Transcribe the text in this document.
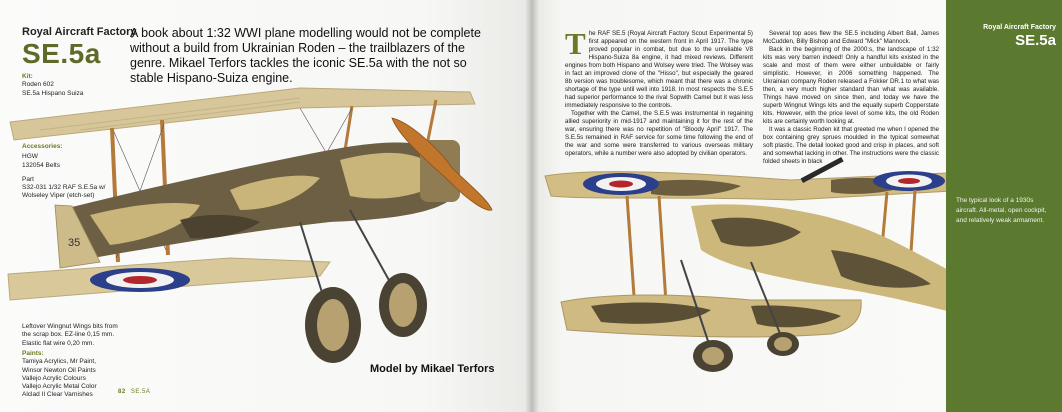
Royal Aircraft Factory
SE.5a
A book about 1:32 WWI plane modelling would not be complete without a build from Ukrainian Roden – the trailblazers of the genre. Mikael Terfors tackles the iconic SE.5a with the not so stable Hispano-Suiza engine.
Kit:
Roden 602
SE.5a Hispano Suiza
Accessories:
HGW
132054 Belts
Part
S32-031 1/32 RAF S.E.5a w/
Wolseley Viper (etch-set)
Leftover Wingnut Wings bits from
the scrap box. EZ-line 0,15 mm.
Elastic flat wire 0,20 mm.
Paints:
Tamiya Acrylics, Mr Paint,
Winsor Newton Oil Paints
Vallejo Acrylic Colours
Vallejo Acrylic Metal Color
Alclad II Clear Varnishes
35
Model by Mikael Terfors
82 SE.5A
T he RAF SE.5 (Royal Aircraft Factory Scout Experimental 5) first appeared on the western front in April 1917. The type proved popular in combat, but due to the unreliable V8 Hispano-Suiza 8a engine, it had mixed reviews. Different engines from both Hispano and Wolsey were tried. The Wolsey was in fact an improved clone of the "Hisso", but especially the geared 8b version was troublesome, which meant that there was a chronic shortage of the type until well into 1918. In most respects the S.E.5 had superior performance to the rival Sopwith Camel but it was less immediately responsive to the controls.

Together with the Camel, the S.E.5 was instrumental in regaining allied superiority in mid-1917 and maintaining it for the rest of the war, ensuring there was no repetition of "Bloody April" 1917. The S.E.5s remained in RAF service for some time following the end of the war and some were transferred to various overseas military operators, while a number were also adopted by civilian operators.

Several top aces flew the SE.5 including Albert Ball, James McCudden, Billy Bishop and Edward "Mick" Mannock.

Back in the beginning of the 2000:s, the landscape of 1:32 kits was very barren indeed! Only a handful kits existed in the scale and most of them were either unbuildable or fairly simplistic. However, in 2006 something happened. The Ukrainian company Roden released a Fokker DR.1 to what was then, a very much higher standard than what was available. Things have moved on since then, and today we have the superb Wingnut Wings kits and the equally superb Copperstate kits. However, with the price level of some kits, the old Roden kits are certainly worth looking at.

It was a classic Roden kit that greeted me when I opened the box containing grey sprues moulded in the typical somewhat soft plastic. The detail looked good and crisp in places, and soft and somewhat lacking in other. The instructions were the classic folded sheets in black

Royal Aircraft Factory
SE.5a
The typical look of a 1930s aircraft. All-metal, open cockpit, and relatively weak armament.
